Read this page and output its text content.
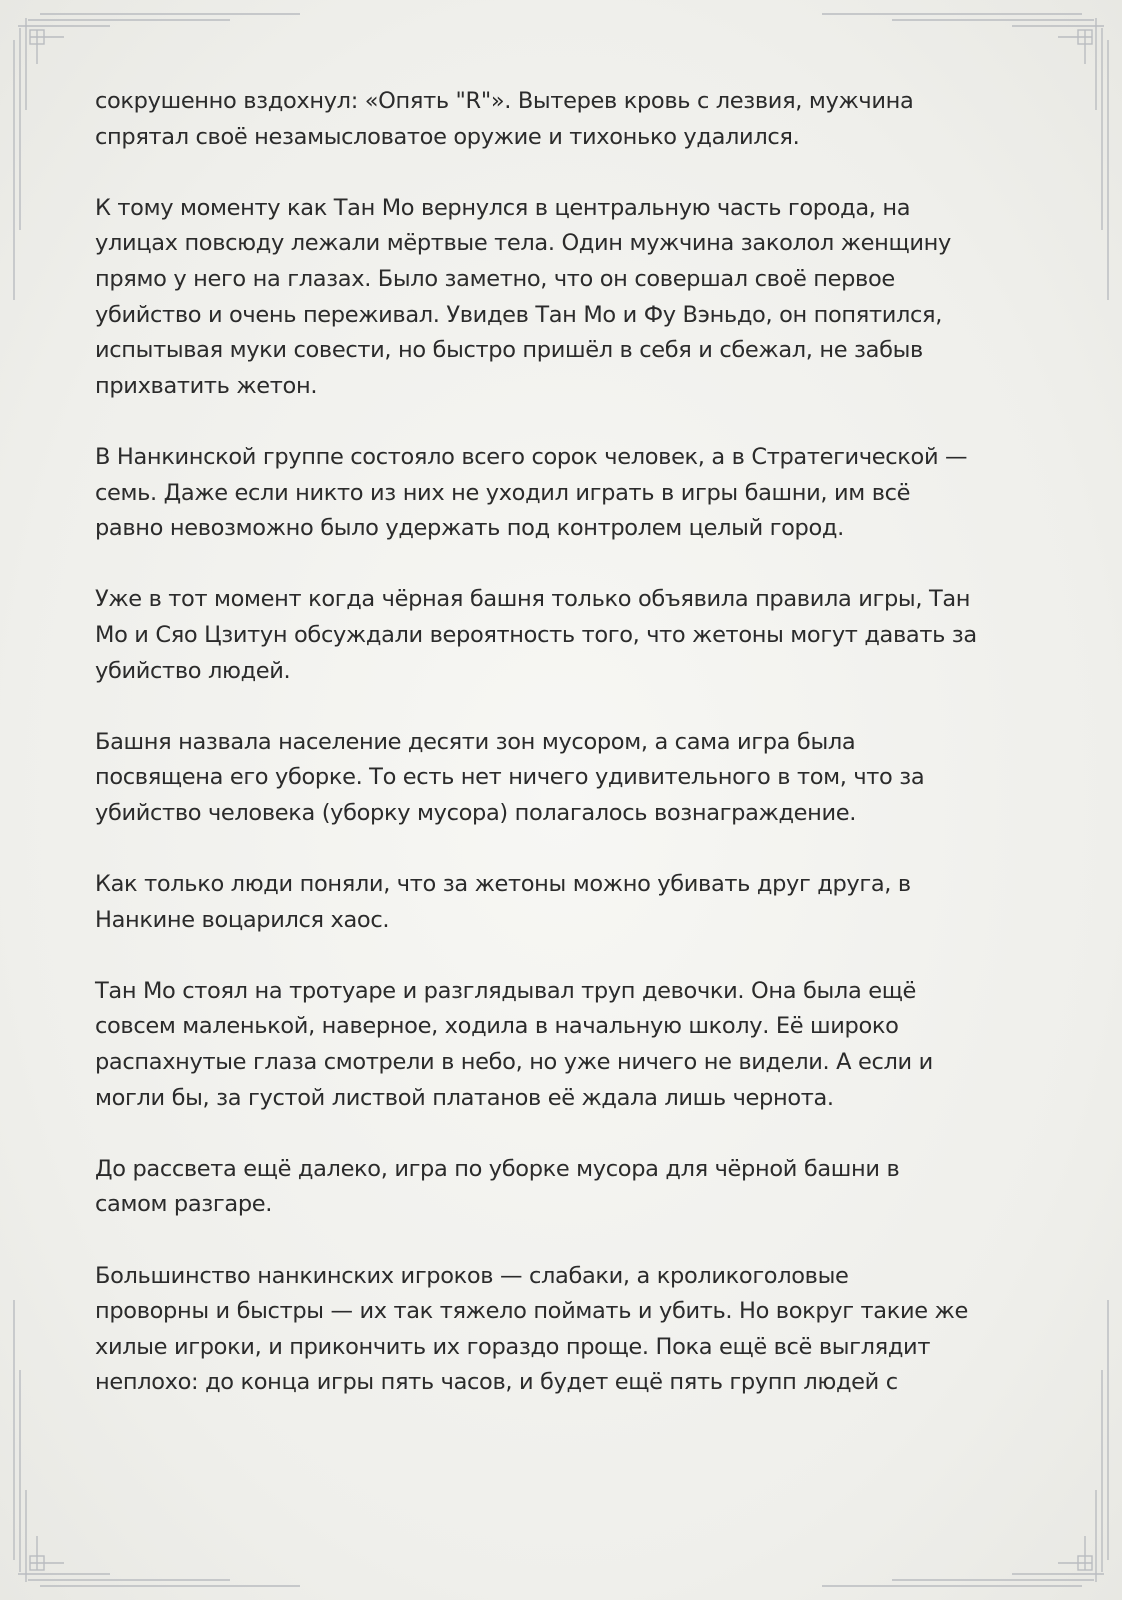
сокрушенно вздохнул: «Опять "R"». Вытерев кровь с лезвия, мужчина
спрятал своё незамысловатое оружие и тихонько удалился.

К тому моменту как Тан Мо вернулся в центральную часть города, на
улицах повсюду лежали мёртвые тела. Один мужчина заколол женщину
прямо у него на глазах. Было заметно, что он совершал своё первое
убийство и очень переживал. Увидев Тан Мо и Фу Вэньдо, он попятился,
испытывая муки совести, но быстро пришёл в себя и сбежал, не забыв
прихватить жетон.

В Нанкинской группе состояло всего сорок человек, а в Стратегической —
семь. Даже если никто из них не уходил играть в игры башни, им всё
равно невозможно было удержать под контролем целый город.

Уже в тот момент когда чёрная башня только объявила правила игры, Тан
Мо и Сяо Цзитун обсуждали вероятность того, что жетоны могут давать за
убийство людей.

Башня назвала население десяти зон мусором, а сама игра была
посвящена его уборке. То есть нет ничего удивительного в том, что за
убийство человека (уборку мусора) полагалось вознаграждение.

Как только люди поняли, что за жетоны можно убивать друг друга, в
Нанкине воцарился хаос.

Тан Мо стоял на тротуаре и разглядывал труп девочки. Она была ещё
совсем маленькой, наверное, ходила в начальную школу. Её широко
распахнутые глаза смотрели в небо, но уже ничего не видели. А если и
могли бы, за густой листвой платанов её ждала лишь чернота.

До рассвета ещё далеко, игра по уборке мусора для чёрной башни в
самом разгаре.

Большинство нанкинских игроков — слабаки, а кроликоголовые
проворны и быстры — их так тяжело поймать и убить. Но вокруг такие же
хилые игроки, и прикончить их гораздо проще. Пока ещё всё выглядит
неплохо: до конца игры пять часов, и будет ещё пять групп людей с
